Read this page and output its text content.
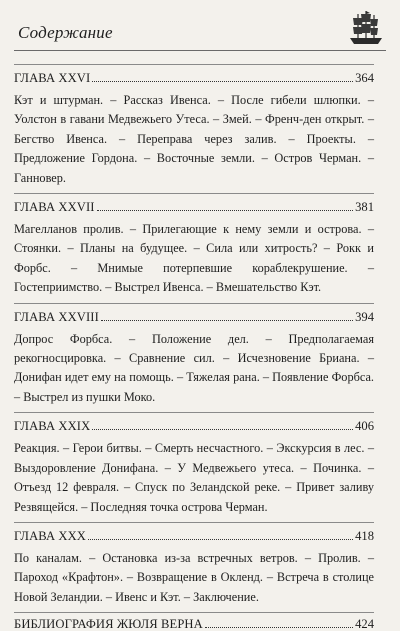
Содержание
ГЛАВА XXVI	364
Кэт и штурман. – Рассказ Ивенса. – После гибели шлюпки. – Уолстон в гавани Медвежьего Утеса. – Змей. – Френч-ден открыт. – Бегство Ивенса. – Переправа через залив. – Проекты. – Предложение Гордона. – Восточные земли. – Остров Черман. – Ганновер.
ГЛАВА XXVII	381
Магелланов пролив. – Прилегающие к нему земли и острова. – Стоянки. – Планы на будущее. – Сила или хитрость? – Рокк и Форбс. – Мнимые потерпевшие кораблекрушение. – Гостеприимство. – Выстрел Ивенса. – Вмешательство Кэт.
ГЛАВА XXVIII	394
Допрос Форбса. – Положение дел. – Предполагаемая рекогносцировка. – Сравнение сил. – Исчезновение Бриана. – Донифан идет ему на помощь. – Тяжелая рана. – Появление Форбса. – Выстрел из пушки Моко.
ГЛАВА XXIX	406
Реакция. – Герои битвы. – Смерть несчастного. – Экскурсия в лес. – Выздоровление Донифана. – У Медвежьего утеса. – Починка. – Отъезд 12 февраля. – Спуск по Зеландской реке. – Привет заливу Резвящейся. – Последняя точка острова Черман.
ГЛАВА XXX	418
По каналам. – Остановка из-за встречных ветров. – Пролив. – Пароход «Крафтон». – Возвращение в Окленд. – Встреча в столице Новой Зеландии. – Ивенс и Кэт. – Заключение.
БИБЛИОГРАФИЯ ЖЮЛЯ ВЕРНА	424
